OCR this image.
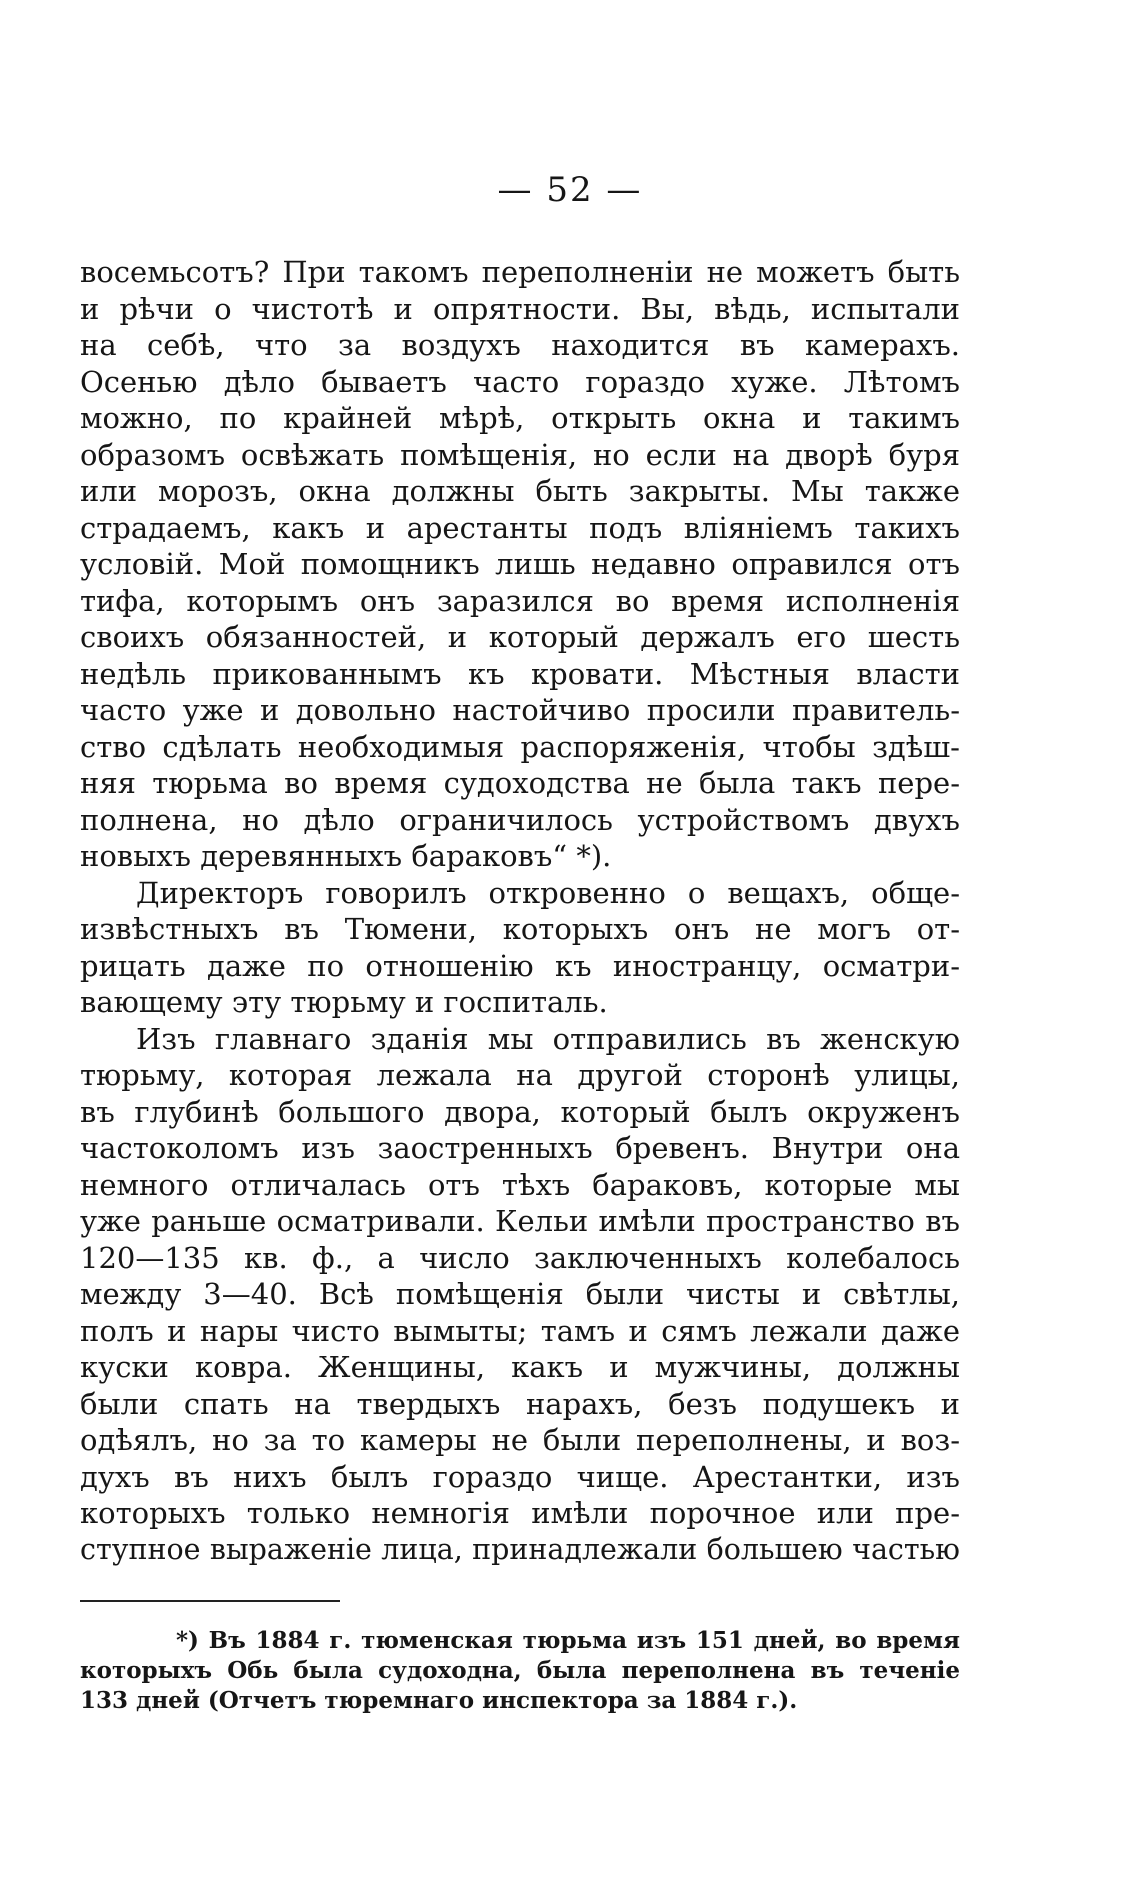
— 52 —
восемьсотъ? При такомъ переполненіи не можетъ быть
и рѣчи о чистотѣ и опрятности. Вы, вѣдь, испытали
на себѣ, что за воздухъ находится въ камерахъ.
Осенью дѣло бываетъ часто гораздо хуже. Лѣтомъ
можно, по крайней мѣрѣ, открыть окна и такимъ
образомъ освѣжать помѣщенія, но если на дворѣ буря
или морозъ, окна должны быть закрыты. Мы также
страдаемъ, какъ и арестанты подъ вліяніемъ такихъ
условій. Мой помощникъ лишь недавно оправился отъ
тифа, которымъ онъ заразился во время исполненія
своихъ обязанностей, и который держалъ его шесть
недѣль прикованнымъ къ кровати. Мѣстныя власти
часто уже и довольно настойчиво просили правитель-
ство сдѣлать необходимыя распоряженія, чтобы здѣш-
няя тюрьма во время судоходства не была такъ пере-
полнена, но дѣло ограничилось устройствомъ двухъ
новыхъ деревянныхъ бараковъ“ *).
Директоръ говорилъ откровенно о вещахъ, обще-
извѣстныхъ въ Тюмени, которыхъ онъ не могъ от-
рицать даже по отношенію къ иностранцу, осматри-
вающему эту тюрьму и госпиталь.
Изъ главнаго зданія мы отправились въ женскую
тюрьму, которая лежала на другой сторонѣ улицы,
въ глубинѣ большого двора, который былъ окруженъ
частоколомъ изъ заостренныхъ бревенъ. Внутри она
немного отличалась отъ тѣхъ бараковъ, которые мы
уже раньше осматривали. Кельи имѣли пространство въ
120—135 кв. ф., а число заключенныхъ колебалось
между 3—40. Всѣ помѣщенія были чисты и свѣтлы,
полъ и нары чисто вымыты; тамъ и сямъ лежали даже
куски ковра. Женщины, какъ и мужчины, должны
были спать на твердыхъ нарахъ, безъ подушекъ и
одѣялъ, но за то камеры не были переполнены, и воз-
духъ въ нихъ былъ гораздо чище. Арестантки, изъ
которыхъ только немногія имѣли порочное или пре-
ступное выраженіе лица, принадлежали большею частью
*) Въ 1884 г. тюменская тюрьма изъ 151 дней, во время
которыхъ Обь была судоходна, была переполнена въ теченіе
133 дней (Отчетъ тюремнаго инспектора за 1884 г.).
